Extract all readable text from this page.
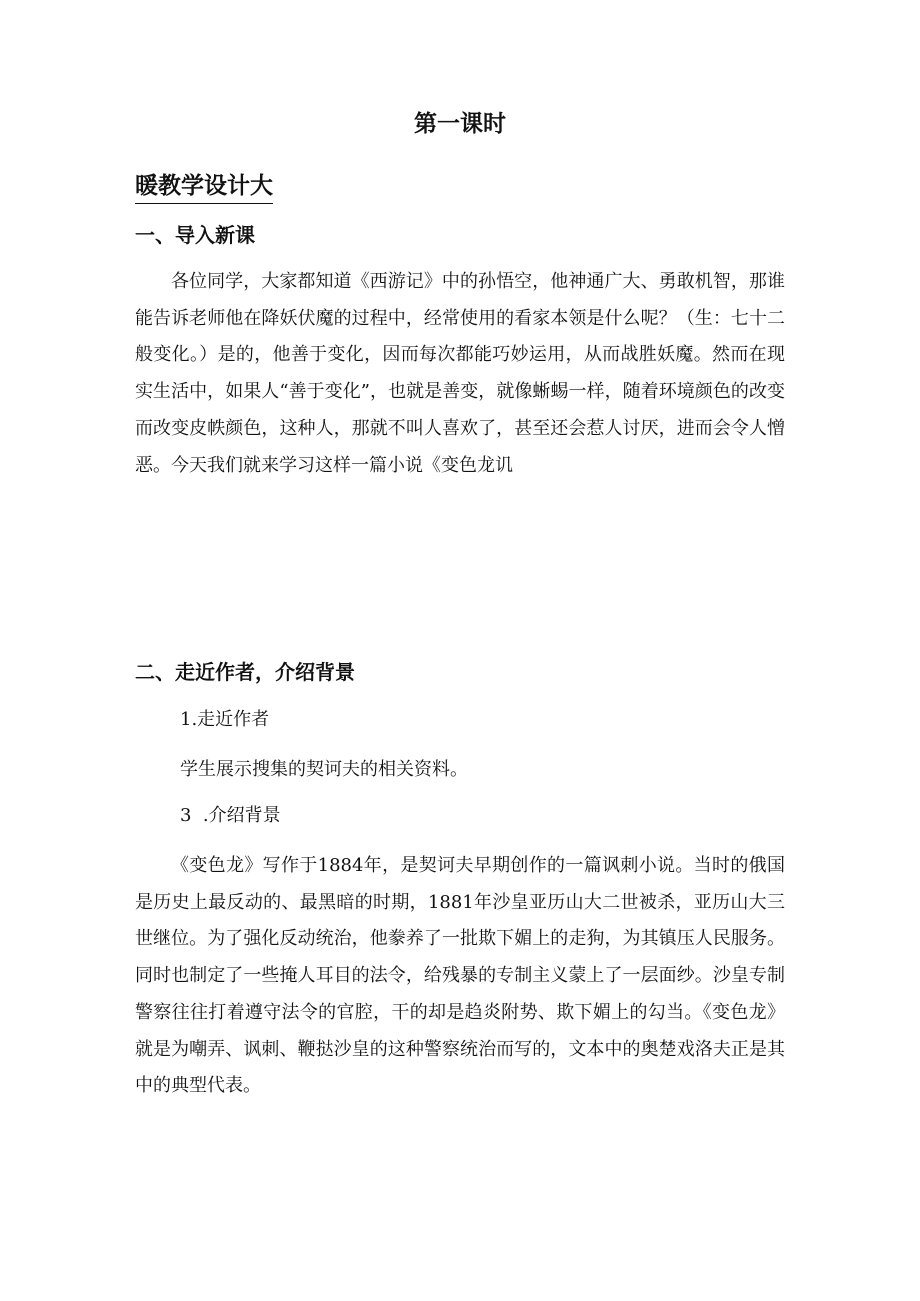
第一课时
暖教学设计大
一、导入新课

各位同学，大家都知道《西游记》中的孙悟空，他神通广大、勇敢机智，那谁能告诉老师他在降妖伏魔的过程中，经常使用的看家本领是什么呢？（生：七十二般变化。）是的，他善于变化，因而每次都能巧妙运用，从而战胜妖魔。然而在现实生活中，如果人“善于变化”，也就是善变，就像蜥蜴一样，随着环境颜色的改变而改变皮帙颜色，这种人，那就不叫人喜欢了，甚至还会惹人讨厌，进而会令人憎恶。今天我们就来学习这样一篇小说《变色龙讥

二、走近作者，介绍背景

1.走近作者

学生展示搜集的契诃夫的相关资料。

3  .介绍背景

《变色龙》写作于1884年，是契诃夫早期创作的一篇讽刺小说。当时的俄国是历史上最反动的、最黑暗的时期，1881年沙皇亚历山大二世被杀，亚历山大三世继位。为了强化反动统治，他豢养了一批欺下媚上的走狗，为其镇压人民服务。同时也制定了一些掩人耳目的法令，给残暴的专制主义蒙上了一层面纱。沙皇专制警察往往打着遵守法令的官腔，干的却是趋炎附势、欺下媚上的勾当。《变色龙》就是为嘲弄、讽刺、鞭挞沙皇的这种警察统治而写的，文本中的奥楚戏洛夫正是其中的典型代表。
